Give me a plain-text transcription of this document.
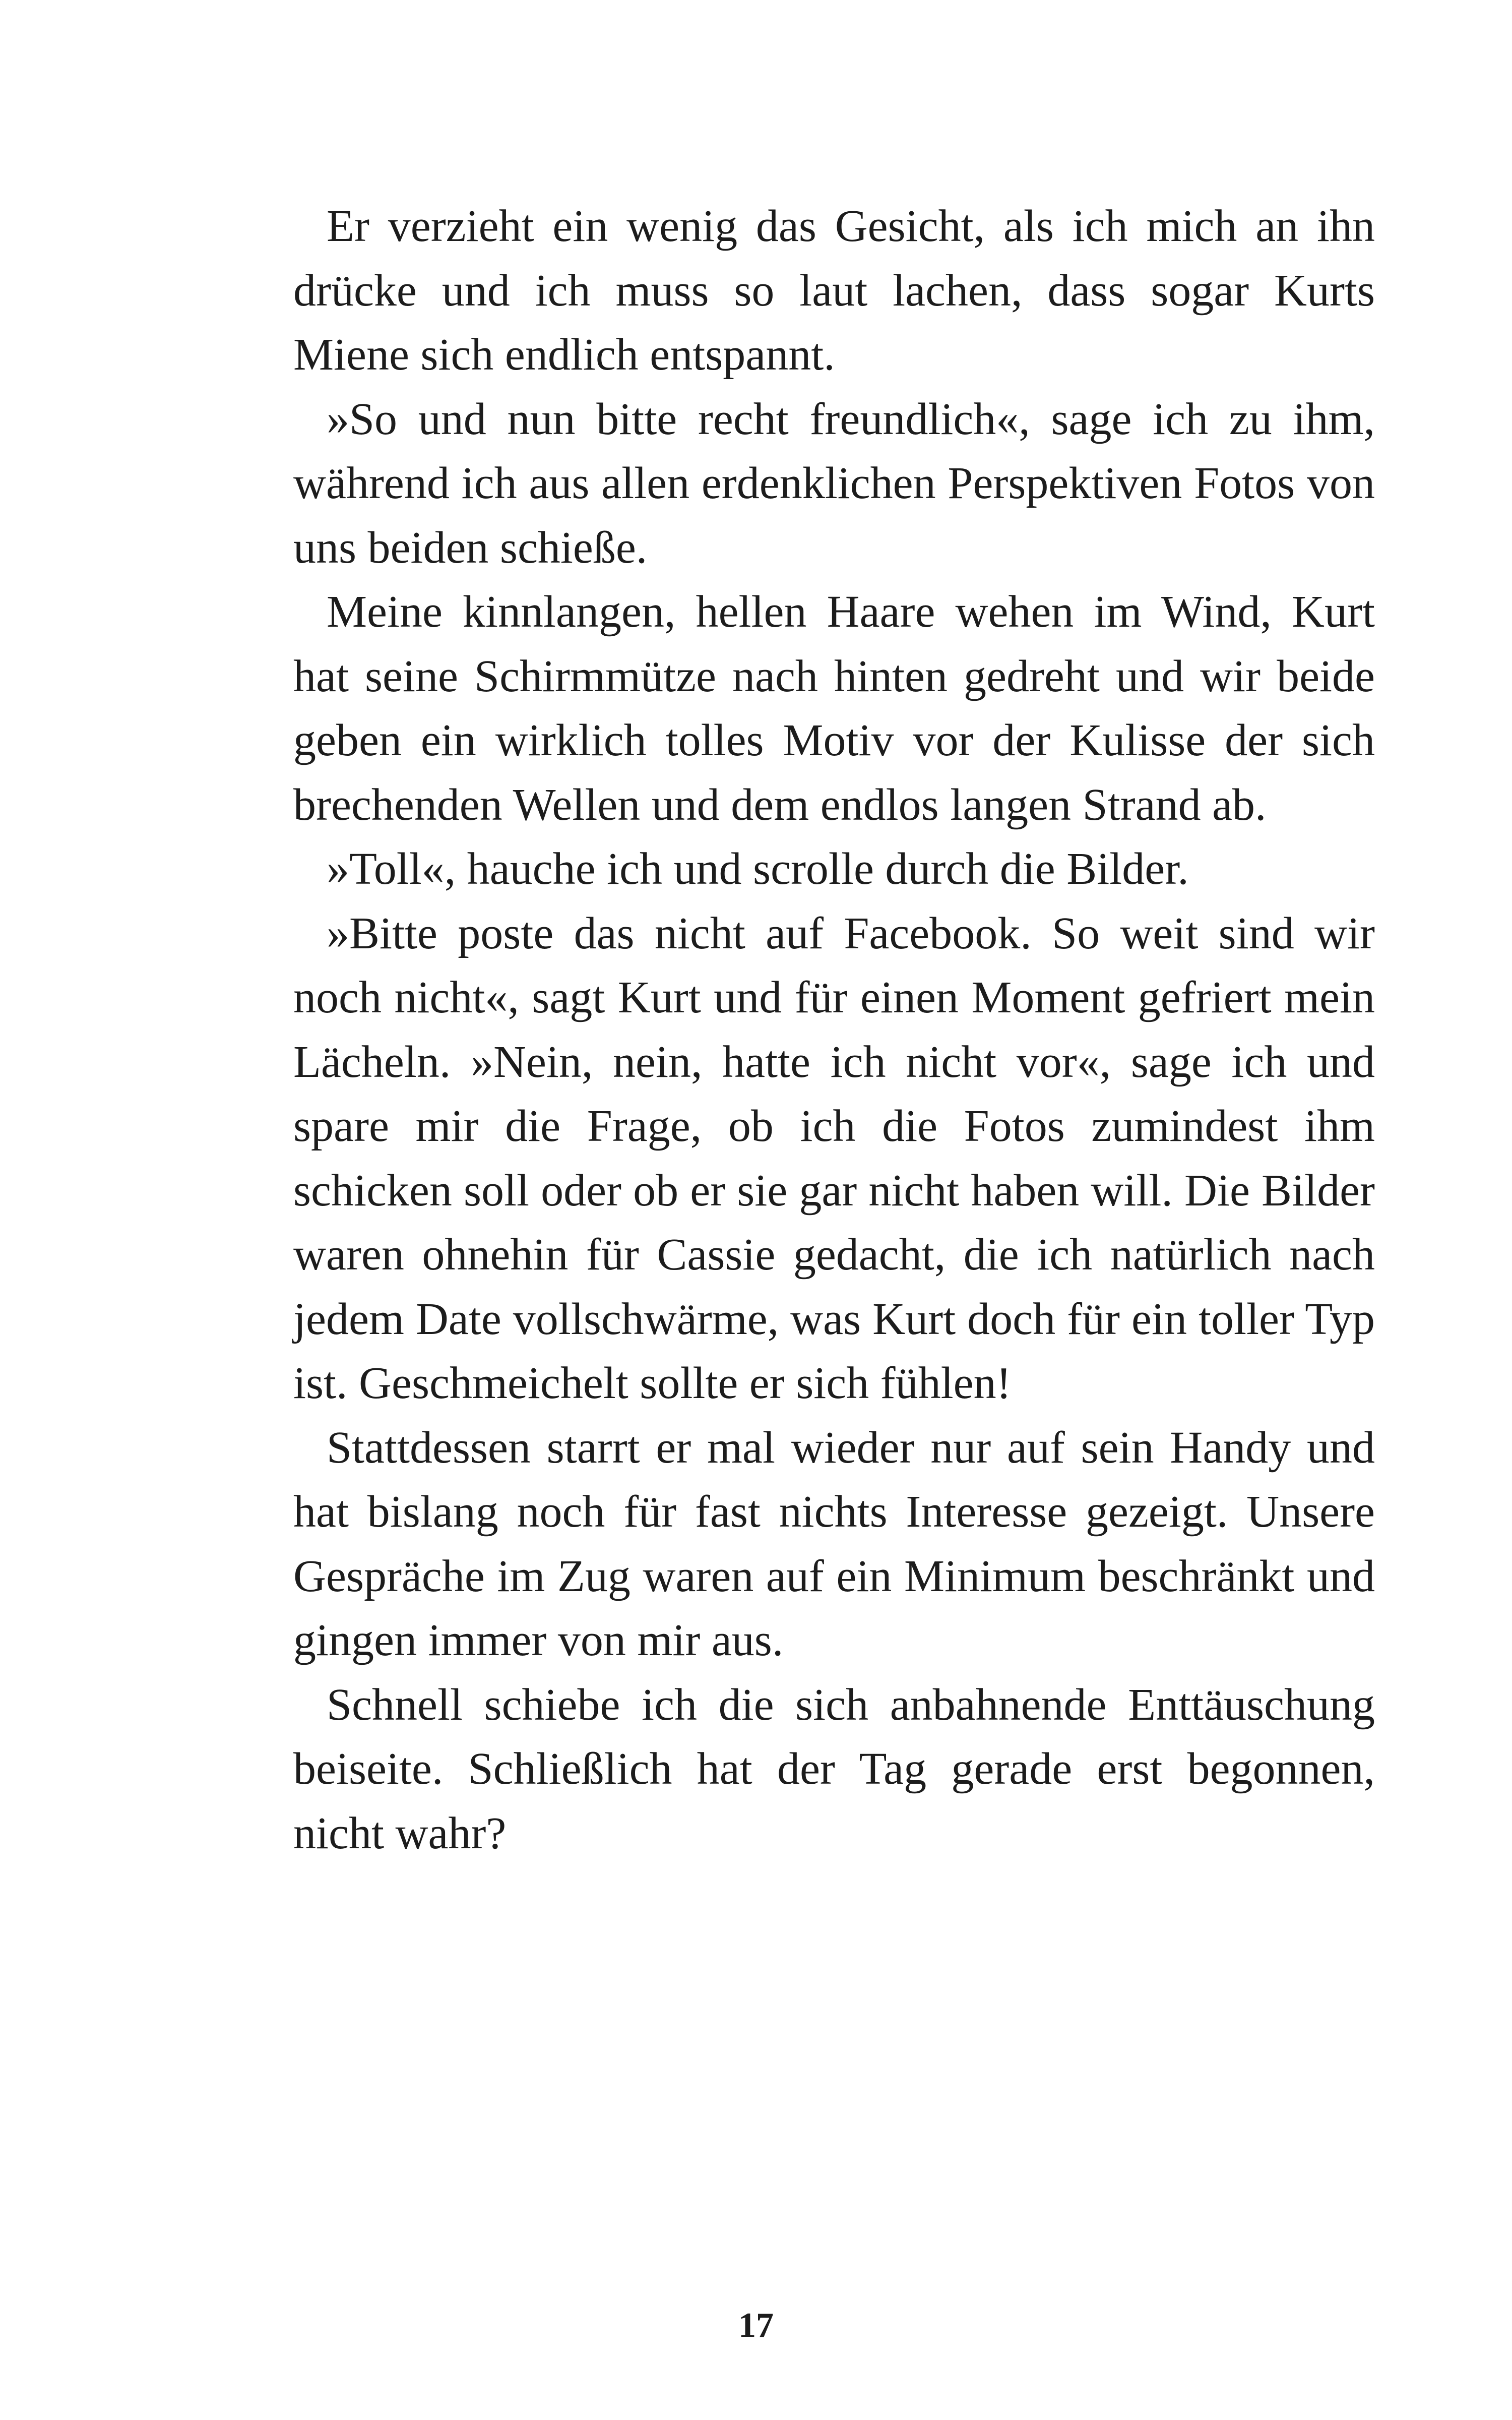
Er verzieht ein wenig das Gesicht, als ich mich an ihn drücke und ich muss so laut lachen, dass sogar Kurts Miene sich endlich entspannt.

»So und nun bitte recht freundlich«, sage ich zu ihm, während ich aus allen erdenklichen Perspektiven Fotos von uns beiden schieße.

Meine kinnlangen, hellen Haare wehen im Wind, Kurt hat seine Schirmmütze nach hinten gedreht und wir beide geben ein wirklich tolles Motiv vor der Kulisse der sich brechenden Wellen und dem endlos langen Strand ab.

»Toll«, hauche ich und scrolle durch die Bilder.

»Bitte poste das nicht auf Facebook. So weit sind wir noch nicht«, sagt Kurt und für einen Moment gefriert mein Lächeln. »Nein, nein, hatte ich nicht vor«, sage ich und spare mir die Frage, ob ich die Fotos zumindest ihm schicken soll oder ob er sie gar nicht haben will. Die Bilder waren ohnehin für Cassie gedacht, die ich natürlich nach jedem Date vollschwärme, was Kurt doch für ein toller Typ ist. Geschmeichelt sollte er sich fühlen!

Stattdessen starrt er mal wieder nur auf sein Handy und hat bislang noch für fast nichts Interesse gezeigt. Unsere Gespräche im Zug waren auf ein Minimum beschränkt und gingen immer von mir aus.

Schnell schiebe ich die sich anbahnende Enttäuschung beiseite. Schließlich hat der Tag gerade erst begonnen, nicht wahr?

17
